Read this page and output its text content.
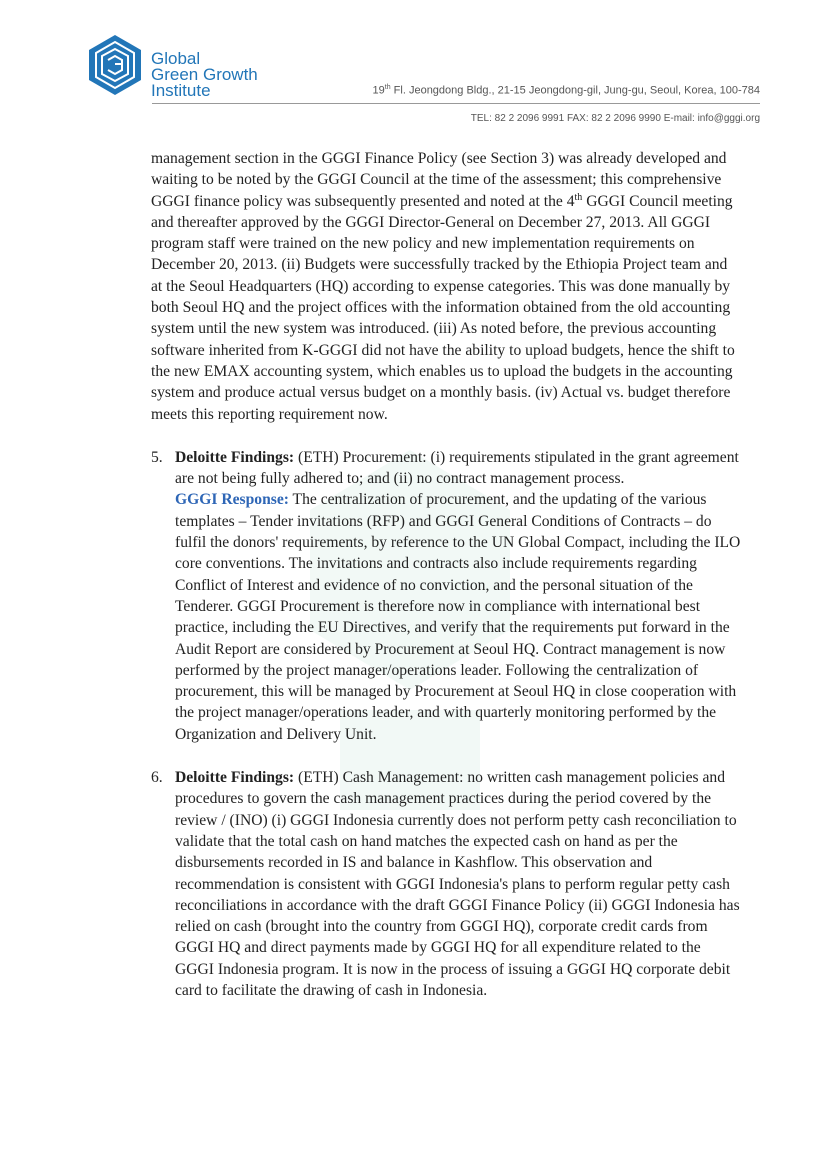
Global
Green Growth
Institute	19th Fl. Jeongdong Bldg., 21-15 Jeongdong-gil, Jung-gu, Seoul, Korea, 100-784
TEL: 82 2 2096 9991 FAX: 82 2 2096 9990 E-mail: info@gggi.org

management section in the GGGI Finance Policy (see Section 3) was already developed and waiting to be noted by the GGGI Council at the time of the assessment; this comprehensive GGGI finance policy was subsequently presented and noted at the 4th GGGI Council meeting and thereafter approved by the GGGI Director-General on December 27, 2013. All GGGI program staff were trained on the new policy and new implementation requirements on December 20, 2013. (ii) Budgets were successfully tracked by the Ethiopia Project team and at the Seoul Headquarters (HQ) according to expense categories. This was done manually by both Seoul HQ and the project offices with the information obtained from the old accounting system until the new system was introduced. (iii) As noted before, the previous accounting software inherited from K-GGGI did not have the ability to upload budgets, hence the shift to the new EMAX accounting system, which enables us to upload the budgets in the accounting system and produce actual versus budget on a monthly basis. (iv) Actual vs. budget therefore meets this reporting requirement now.

5. Deloitte Findings: (ETH) Procurement: (i) requirements stipulated in the grant agreement are not being fully adhered to; and (ii) no contract management process.

GGGI Response: The centralization of procurement, and the updating of the various templates – Tender invitations (RFP) and GGGI General Conditions of Contracts – do fulfil the donors' requirements, by reference to the UN Global Compact, including the ILO core conventions. The invitations and contracts also include requirements regarding Conflict of Interest and evidence of no conviction, and the personal situation of the Tenderer. GGGI Procurement is therefore now in compliance with international best practice, including the EU Directives, and verify that the requirements put forward in the Audit Report are considered by Procurement at Seoul HQ. Contract management is now performed by the project manager/operations leader. Following the centralization of procurement, this will be managed by Procurement at Seoul HQ in close cooperation with the project manager/operations leader, and with quarterly monitoring performed by the Organization and Delivery Unit.

6. Deloitte Findings: (ETH) Cash Management: no written cash management policies and procedures to govern the cash management practices during the period covered by the review / (INO) (i) GGGI Indonesia currently does not perform petty cash reconciliation to validate that the total cash on hand matches the expected cash on hand as per the disbursements recorded in IS and balance in Kashflow. This observation and recommendation is consistent with GGGI Indonesia's plans to perform regular petty cash reconciliations in accordance with the draft GGGI Finance Policy (ii) GGGI Indonesia has relied on cash (brought into the country from GGGI HQ), corporate credit cards from GGGI HQ and direct payments made by GGGI HQ for all expenditure related to the GGGI Indonesia program. It is now in the process of issuing a GGGI HQ corporate debit card to facilitate the drawing of cash in Indonesia.
